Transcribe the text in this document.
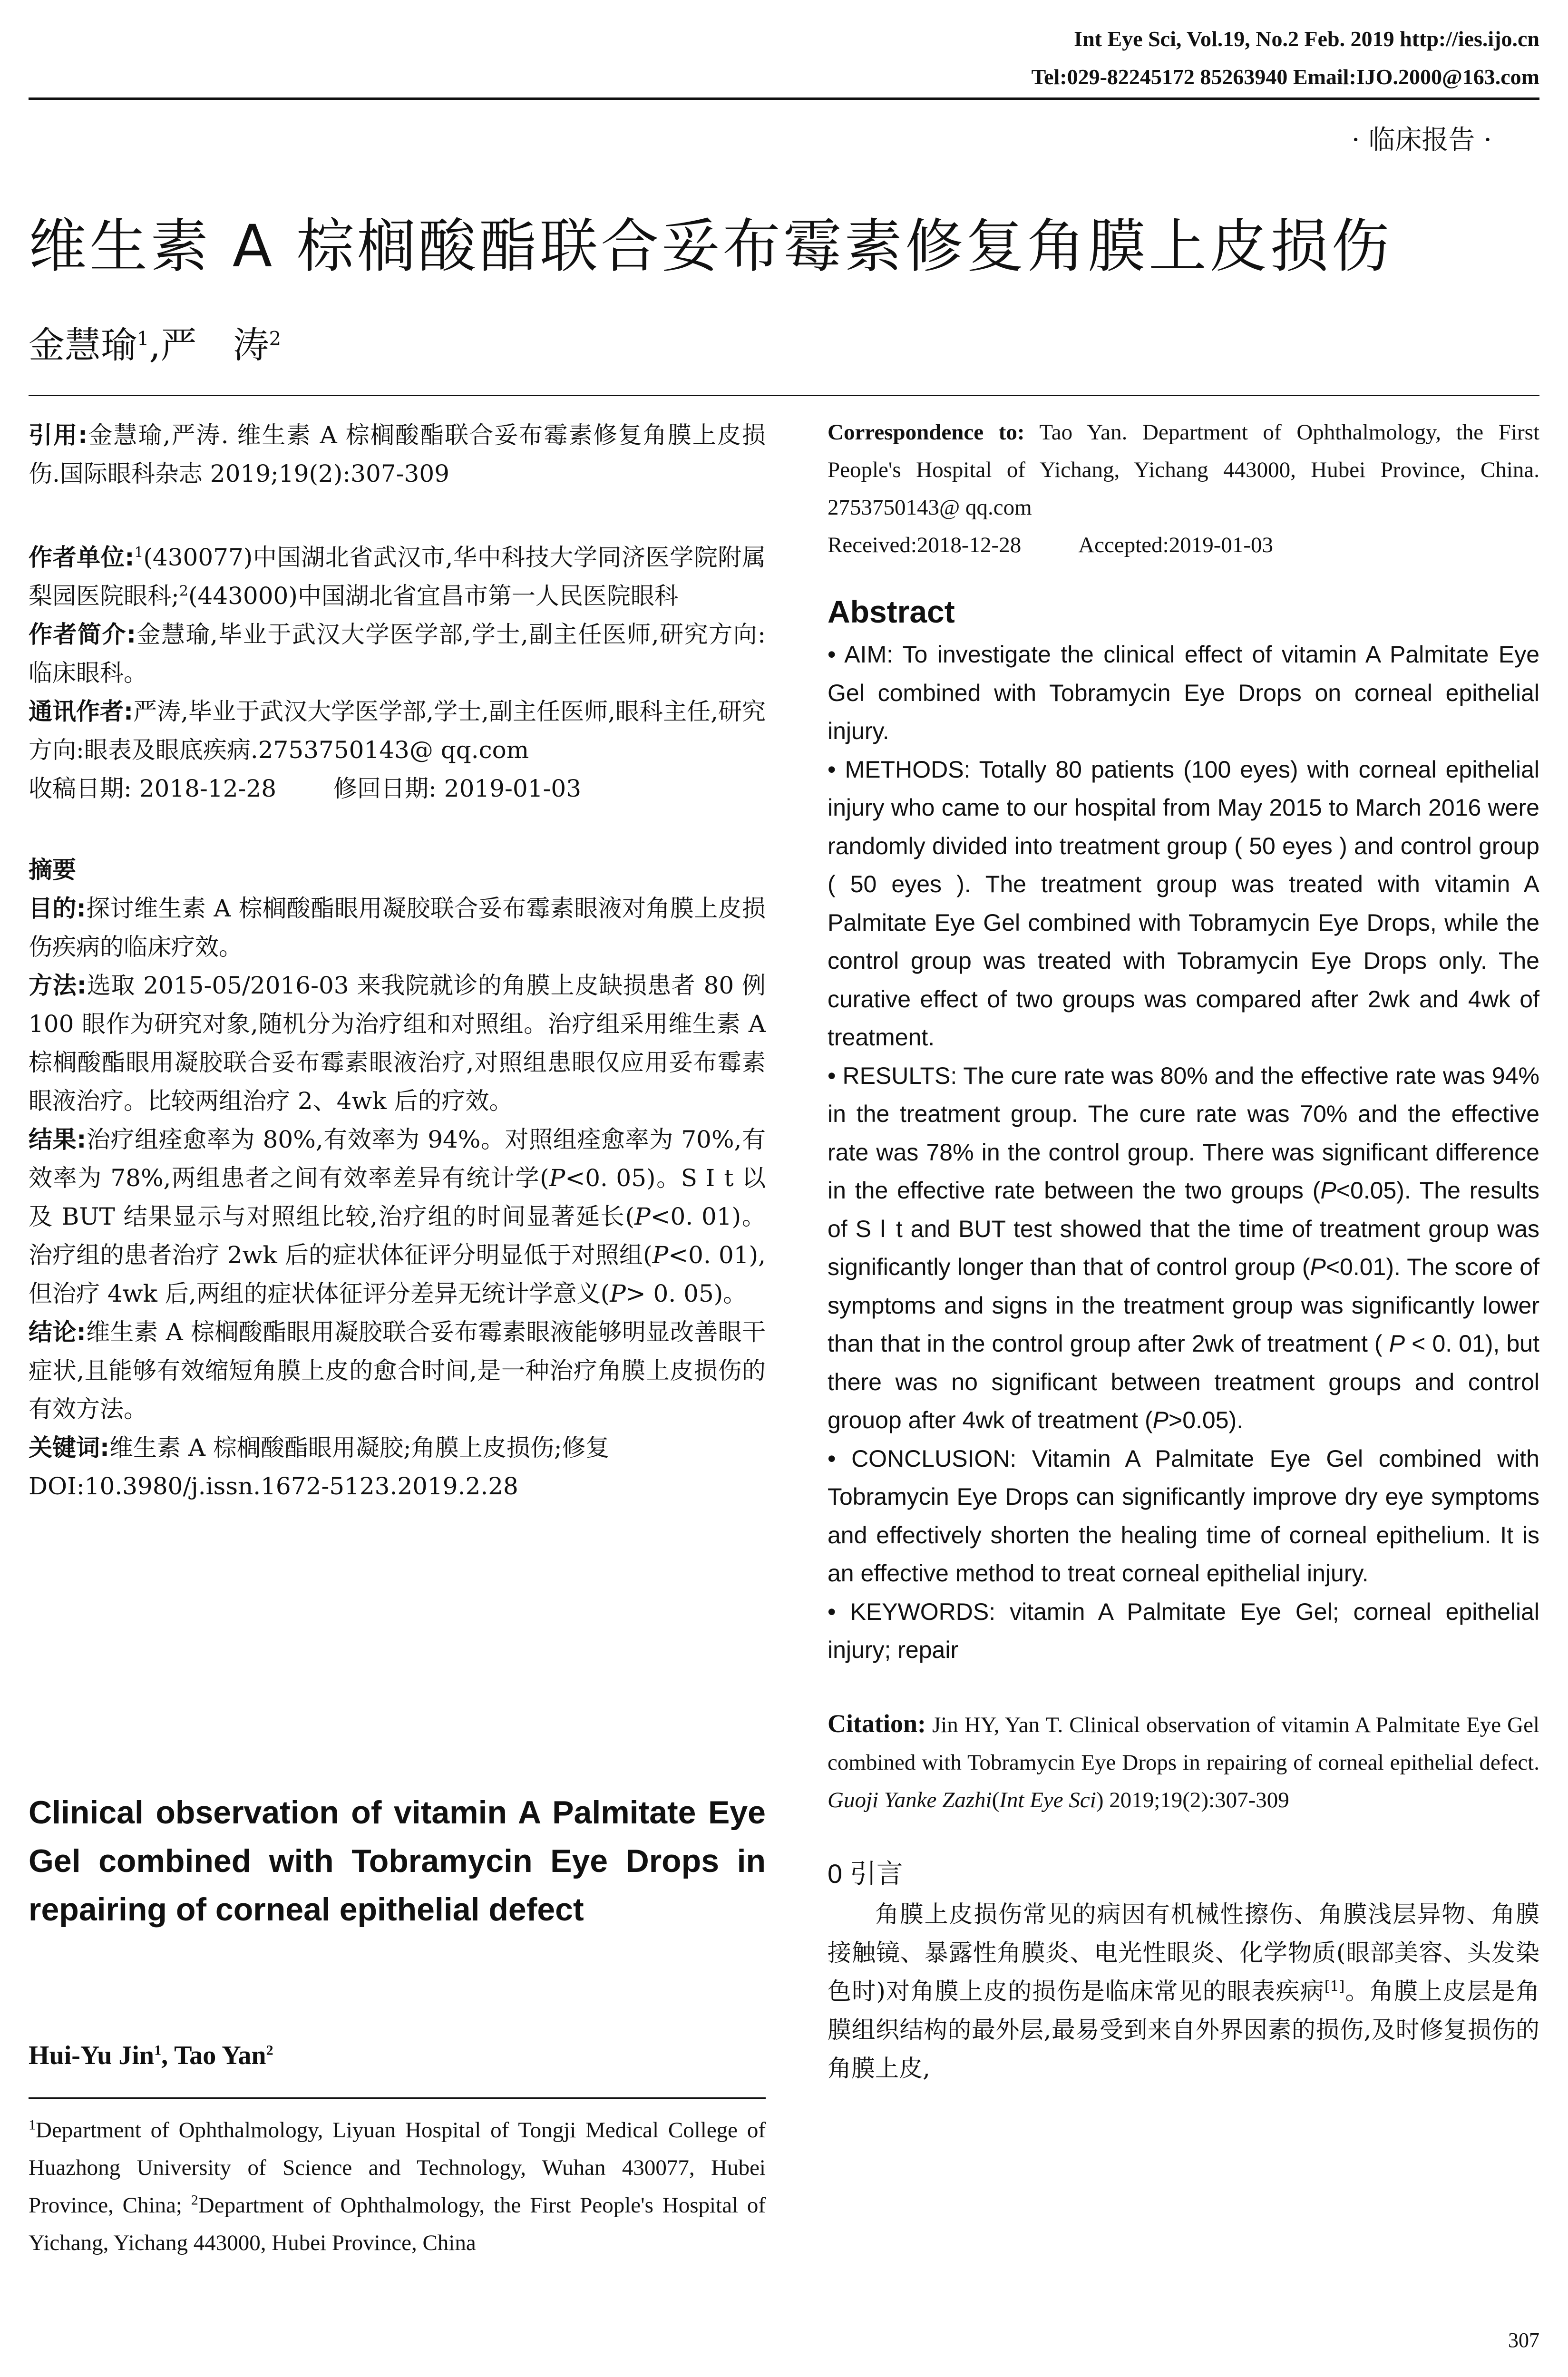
Int Eye Sci, Vol.19, No.2 Feb. 2019 http://ies.ijo.cn
Tel:029-82245172 85263940 Email:IJO.2000@163.com
· 临床报告 ·
维生素 A 棕榈酸酯联合妥布霉素修复角膜上皮损伤
金慧瑜$^1$,严　涛$^2$

引用:金慧瑜,严涛. 维生素 A 棕榈酸酯联合妥布霉素修复角膜上皮损伤.国际眼科杂志 2019;19(2):307-309

作者单位:$^1$(430077)中国湖北省武汉市,华中科技大学同济医学院附属梨园医院眼科;$^2$(443000)中国湖北省宜昌市第一人民医院眼科

作者简介:金慧瑜,毕业于武汉大学医学部,学士,副主任医师,研究方向:临床眼科。

通讯作者:严涛,毕业于武汉大学医学部,学士,副主任医师,眼科主任,研究方向:眼表及眼底疾病.2753750143@ qq.com

收稿日期: 2018-12-28 修回日期: 2019-01-03

摘要

目的:探讨维生素 A 棕榈酸酯眼用凝胶联合妥布霉素眼液对角膜上皮损伤疾病的临床疗效。

方法:选取 2015-05/2016-03 来我院就诊的角膜上皮缺损患者 80 例 100 眼作为研究对象,随机分为治疗组和对照组。治疗组采用维生素 A 棕榈酸酯眼用凝胶联合妥布霉素眼液治疗,对照组患眼仅应用妥布霉素眼液治疗。比较两组治疗 2、4wk 后的疗效。

结果:治疗组痊愈率为 80%,有效率为 94%。对照组痊愈率为 70%,有效率为 78%,两组患者之间有效率差异有统计学(P<0. 05)。S Ⅰ t 以及 BUT 结果显示与对照组比较,治疗组的时间显著延长(P<0. 01)。治疗组的患者治疗 2wk 后的症状体征评分明显低于对照组(P<0. 01),但治疗 4wk 后,两组的症状体征评分差异无统计学意义(P> 0. 05)。

结论:维生素 A 棕榈酸酯眼用凝胶联合妥布霉素眼液能够明显改善眼干症状,且能够有效缩短角膜上皮的愈合时间,是一种治疗角膜上皮损伤的有效方法。

关键词:维生素 A 棕榈酸酯眼用凝胶;角膜上皮损伤;修复

DOI:10.3980/j.issn.1672-5123.2019.2.28

Clinical observation of vitamin A Palmitate Eye Gel combined with Tobramycin Eye Drops in repairing of corneal epithelial defect
Hui-Yu Jin$^1$, Tao Yan$^2$

$^1$Department of Ophthalmology, Liyuan Hospital of Tongji Medical College of Huazhong University of Science and Technology, Wuhan 430077, Hubei Province, China; $^2$Department of Ophthalmology, the First People's Hospital of Yichang, Yichang 443000, Hubei Province, China

Correspondence to: Tao Yan. Department of Ophthalmology, the First People's Hospital of Yichang, Yichang 443000, Hubei Province, China. 2753750143@ qq.com

Received:2018-12-28	Accepted:2019-01-03

Abstract

• AIM: To investigate the clinical effect of vitamin A Palmitate Eye Gel combined with Tobramycin Eye Drops on corneal epithelial injury.

• METHODS: Totally 80 patients (100 eyes) with corneal epithelial injury who came to our hospital from May 2015 to March 2016 were randomly divided into treatment group ( 50 eyes ) and control group ( 50 eyes ). The treatment group was treated with vitamin A Palmitate Eye Gel combined with Tobramycin Eye Drops, while the control group was treated with Tobramycin Eye Drops only. The curative effect of two groups was compared after 2wk and 4wk of treatment.

• RESULTS: The cure rate was 80% and the effective rate was 94% in the treatment group. The cure rate was 70% and the effective rate was 78% in the control group. There was significant difference in the effective rate between the two groups (P<0.05). The results of S Ⅰ t and BUT test showed that the time of treatment group was significantly longer than that of control group (P<0.01). The score of symptoms and signs in the treatment group was significantly lower than that in the control group after 2wk of treatment ( P < 0. 01), but there was no significant between treatment groups and control grouop after 4wk of treatment (P>0.05).

• CONCLUSION: Vitamin A Palmitate Eye Gel combined with Tobramycin Eye Drops can significantly improve dry eye symptoms and effectively shorten the healing time of corneal epithelium. It is an effective method to treat corneal epithelial injury.

• KEYWORDS: vitamin A Palmitate Eye Gel; corneal epithelial injury; repair

Citation: Jin HY, Yan T. Clinical observation of vitamin A Palmitate Eye Gel combined with Tobramycin Eye Drops in repairing of corneal epithelial defect. Guoji Yanke Zazhi(Int Eye Sci) 2019;19(2):307-309

0 引言

角膜上皮损伤常见的病因有机械性擦伤、角膜浅层异物、角膜接触镜、暴露性角膜炎、电光性眼炎、化学物质(眼部美容、头发染色时)对角膜上皮的损伤是临床常见的眼表疾病[1]。角膜上皮层是角膜组织结构的最外层,最易受到来自外界因素的损伤,及时修复损伤的角膜上皮,

307
